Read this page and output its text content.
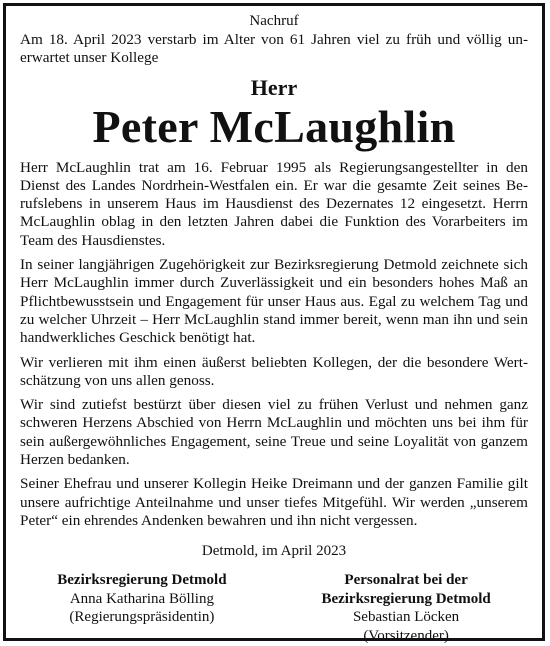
Nachruf

Am 18. April 2023 verstarb im Alter von 61 Jahren viel zu früh und völlig unerwartet unser Kollege

Herr
Peter McLaughlin

Herr McLaughlin trat am 16. Februar 1995 als Regierungsangestellter in den Dienst des Landes Nordrhein-Westfalen ein. Er war die gesamte Zeit seines Berufslebens in unserem Haus im Hausdienst des Dezernates 12 eingesetzt. Herrn McLaughlin oblag in den letzten Jahren dabei die Funktion des Vorarbeiters im Team des Hausdienstes.

In seiner langjährigen Zugehörigkeit zur Bezirksregierung Detmold zeichnete sich Herr McLaughlin immer durch Zuverlässigkeit und ein besonders hohes Maß an Pflichtbewusstsein und Engagement für unser Haus aus. Egal zu welchem Tag und zu welcher Uhrzeit – Herr McLaughlin stand immer bereit, wenn man ihn und sein handwerkliches Geschick benötigt hat.

Wir verlieren mit ihm einen äußerst beliebten Kollegen, der die besondere Wertschätzung von uns allen genoss.

Wir sind zutiefst bestürzt über diesen viel zu frühen Verlust und nehmen ganz schweren Herzens Abschied von Herrn McLaughlin und möchten uns bei ihm für sein außergewöhnliches Engagement, seine Treue und seine Loyalität von ganzem Herzen bedanken.

Seiner Ehefrau und unserer Kollegin Heike Dreimann und der ganzen Familie gilt unsere aufrichtige Anteilnahme und unser tiefes Mitgefühl. Wir werden „unserem Peter“ ein ehrendes Andenken bewahren und ihn nicht vergessen.

Detmold, im April 2023
Bezirksregierung Detmold
Anna Katharina Bölling
(Regierungspräsidentin)
Personalrat bei der
Bezirksregierung Detmold
Sebastian Löcken
(Vorsitzender)
